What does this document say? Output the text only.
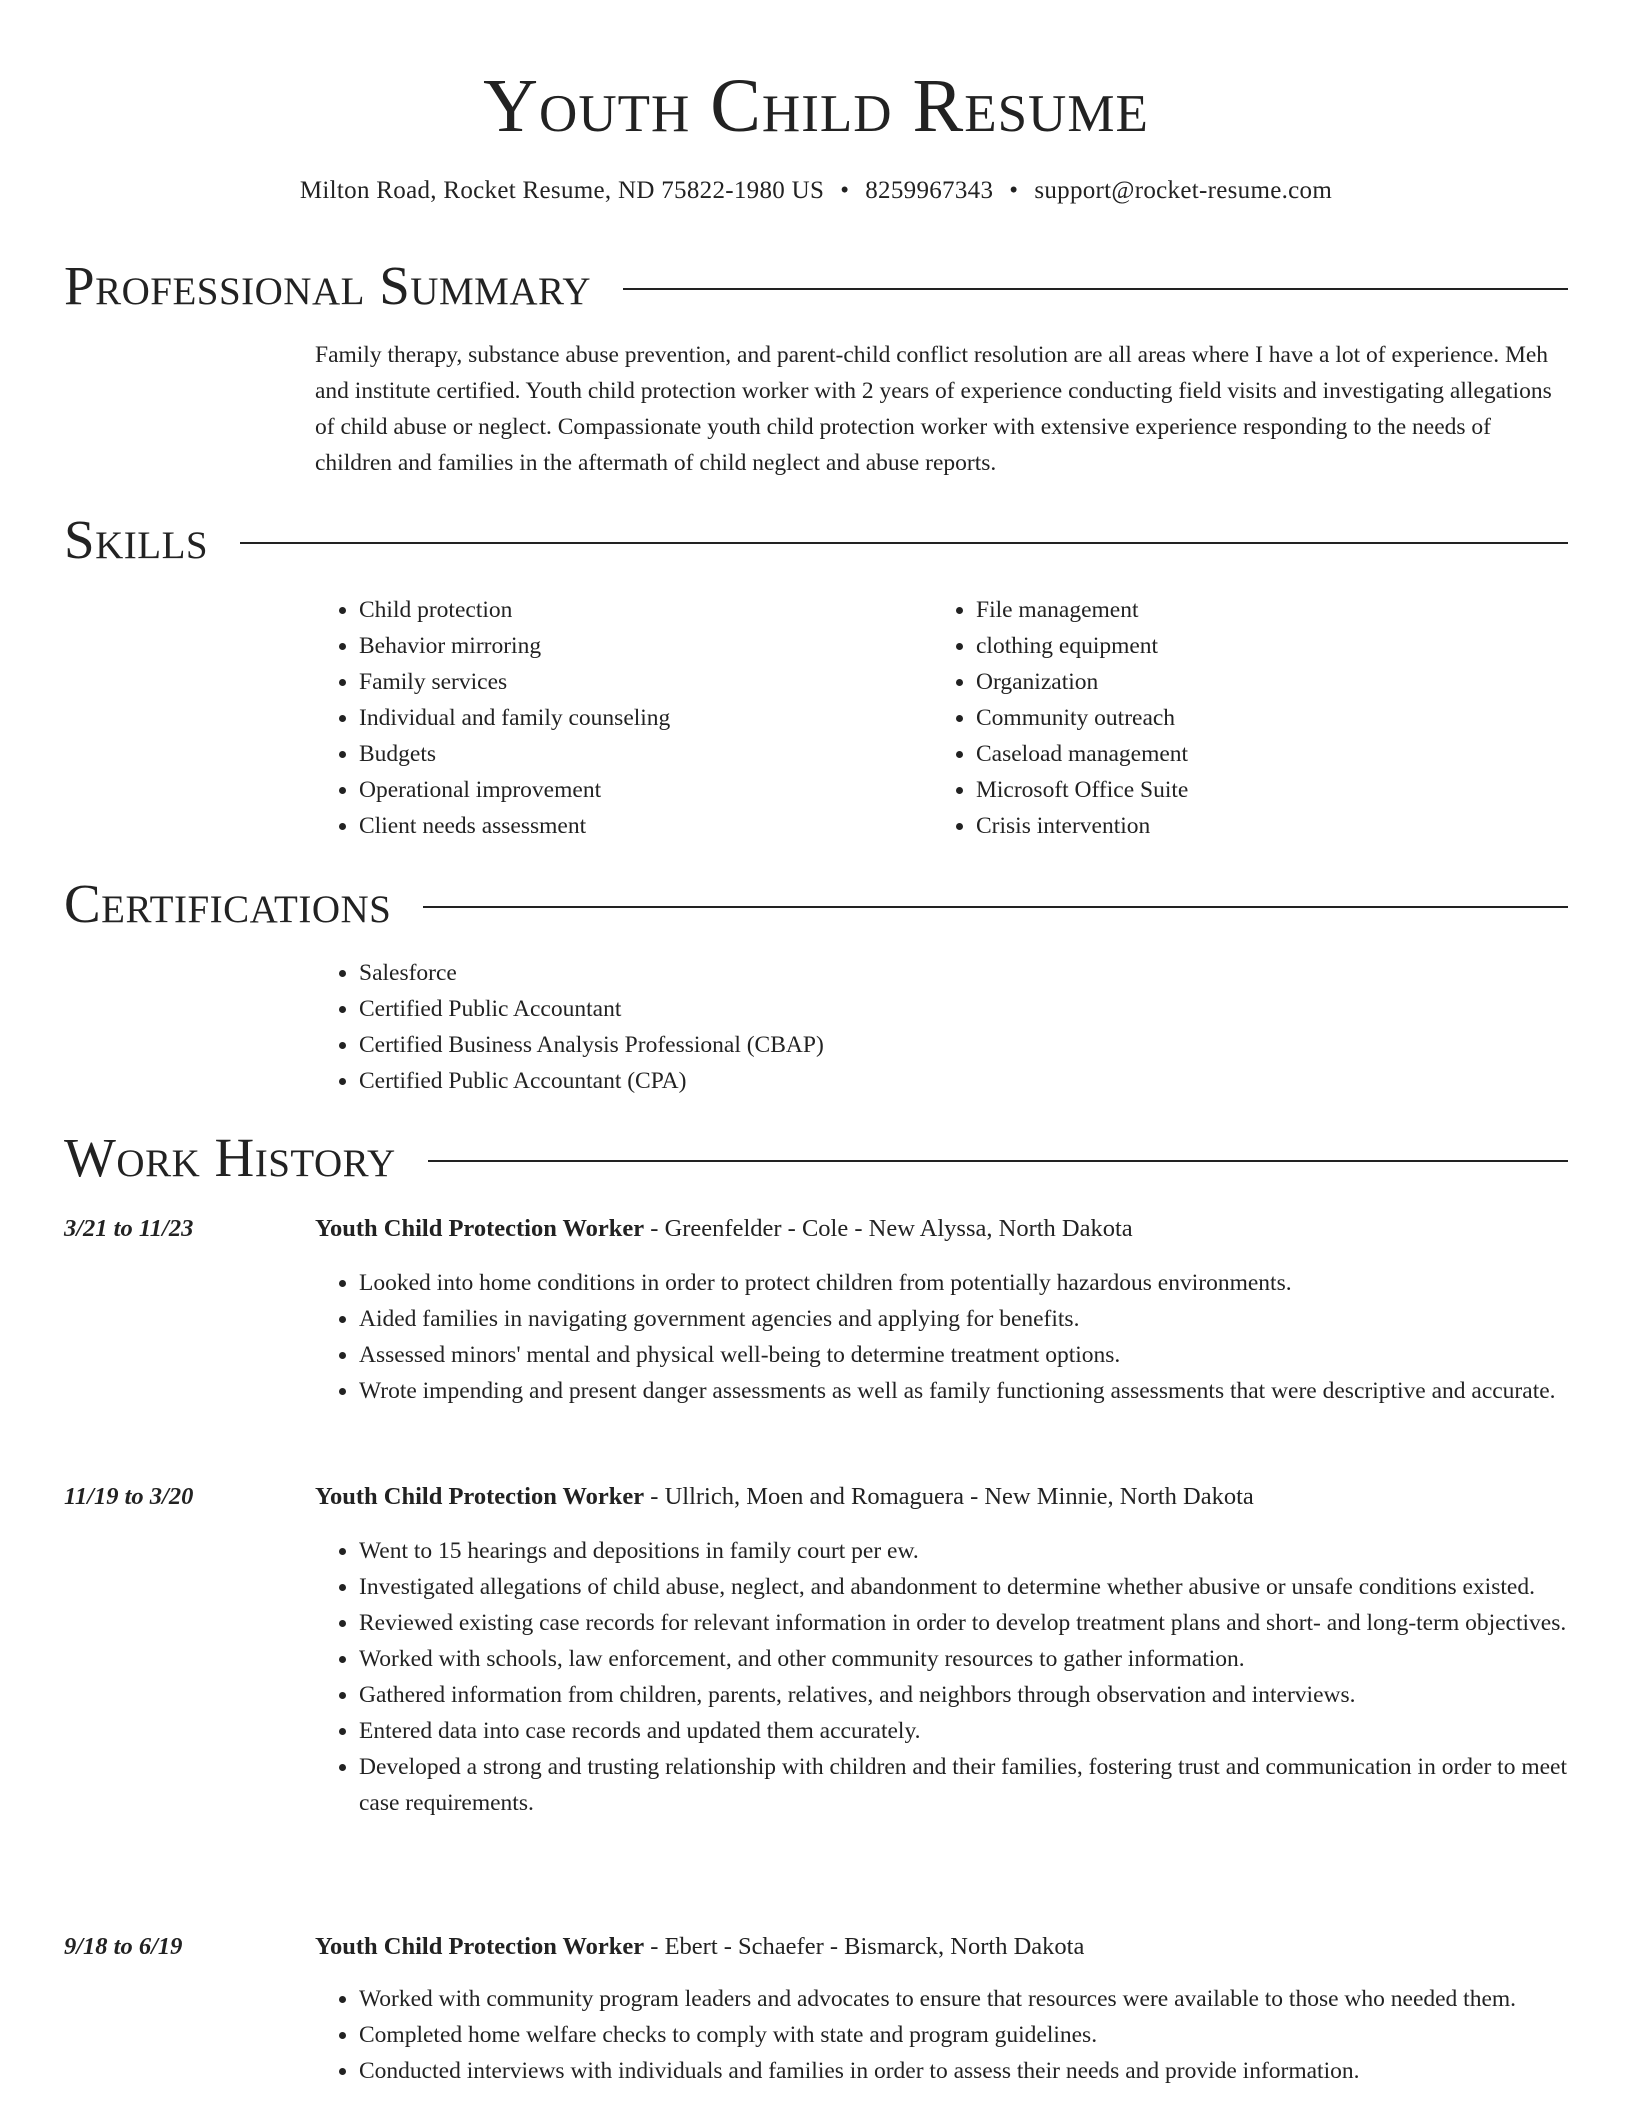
Youth Child Resume
Milton Road, Rocket Resume, ND 75822-1980 US • 8259967343 • support@rocket-resume.com
Professional Summary
Family therapy, substance abuse prevention, and parent-child conflict resolution are all areas where I have a lot of experience. Meh and institute certified. Youth child protection worker with 2 years of experience conducting field visits and investigating allegations of child abuse or neglect. Compassionate youth child protection worker with extensive experience responding to the needs of children and families in the aftermath of child neglect and abuse reports.
Skills
• Child protection
• Behavior mirroring
• Family services
• Individual and family counseling
• Budgets
• Operational improvement
• Client needs assessment
• File management
• clothing equipment
• Organization
• Community outreach
• Caseload management
• Microsoft Office Suite
• Crisis intervention
Certifications
• Salesforce
• Certified Public Accountant
• Certified Business Analysis Professional (CBAP)
• Certified Public Accountant (CPA)
Work History
3/21 to 11/23	Youth Child Protection Worker - Greenfelder - Cole - New Alyssa, North Dakota
• Looked into home conditions in order to protect children from potentially hazardous environments.
• Aided families in navigating government agencies and applying for benefits.
• Assessed minors' mental and physical well-being to determine treatment options.
• Wrote impending and present danger assessments as well as family functioning assessments that were descriptive and accurate.
11/19 to 3/20	Youth Child Protection Worker - Ullrich, Moen and Romaguera - New Minnie, North Dakota
• Went to 15 hearings and depositions in family court per ew.
• Investigated allegations of child abuse, neglect, and abandonment to determine whether abusive or unsafe conditions existed.
• Reviewed existing case records for relevant information in order to develop treatment plans and short- and long-term objectives.
• Worked with schools, law enforcement, and other community resources to gather information.
• Gathered information from children, parents, relatives, and neighbors through observation and interviews.
• Entered data into case records and updated them accurately.
• Developed a strong and trusting relationship with children and their families, fostering trust and communication in order to meet case requirements.
9/18 to 6/19	Youth Child Protection Worker - Ebert - Schaefer - Bismarck, North Dakota
• Worked with community program leaders and advocates to ensure that resources were available to those who needed them.
• Completed home welfare checks to comply with state and program guidelines.
• Conducted interviews with individuals and families in order to assess their needs and provide information.
